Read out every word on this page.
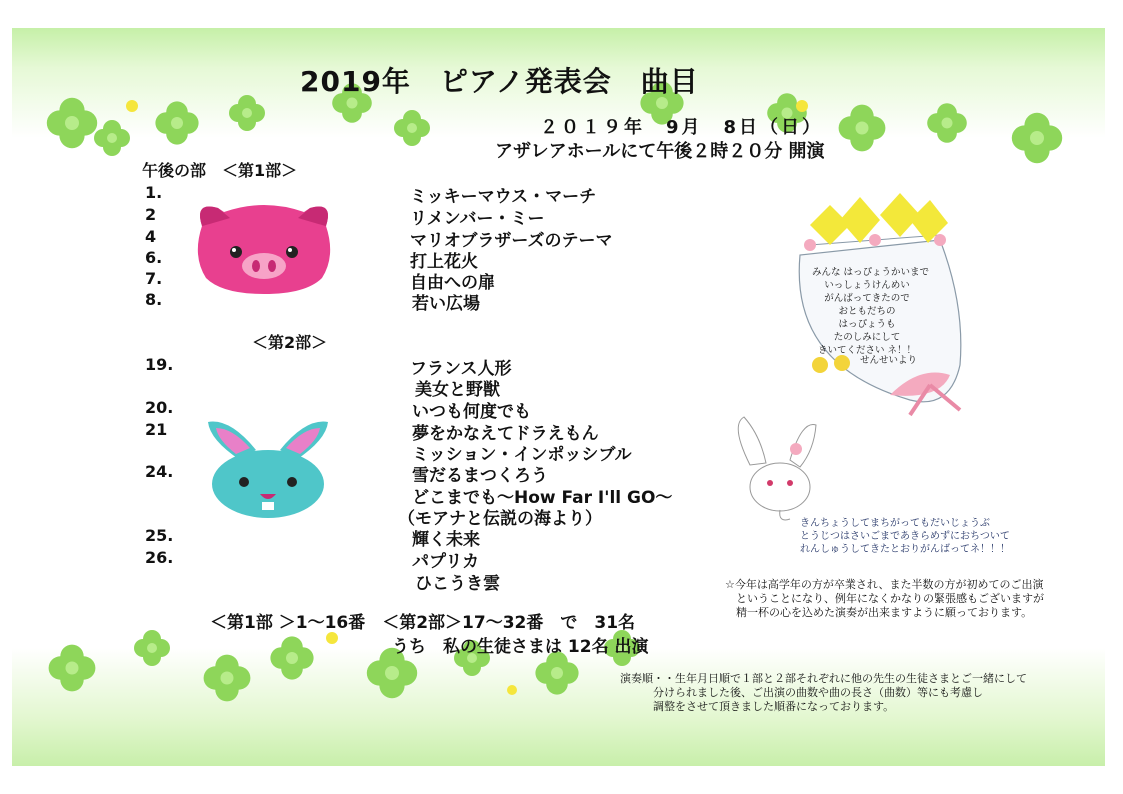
2019年　ピアノ発表会　曲目
２０１９年　9月　8日（日）
アザレアホールにて午後２時２０分 開演
午後の部　＜第1部＞
1.	ミッキーマウス・マーチ
2	リメンバー・ミー
4	マリオブラザーズのテーマ
6.	打上花火
7.	自由への扉
8.	若い広場
＜第2部＞
19.	フランス人形
美女と野獣
20.	いつも何度でも
21	夢をかなえてドラえもん
ミッション・インポッシブル
24.	雪だるまつくろう
どこまでも～How Far I'll GO～
（モアナと伝説の海より）
25.	輝く未来
26.	パプリカ
ひこうき雲
みんな はっぴょうかいまで
いっしょうけんめい
がんばってきたので
おともだちの
はっぴょうも
たのしみにして
きいてください ネ！！
せんせいより
きんちょうしてまちがってもだいじょうぶ
とうじつはさいごまであきらめずにおちついて
れんしゅうしてきたとおりがんばってネ！！！
＜第1部 ＞1～16番　＜第2部＞17～32番　で　31名
うち　私の生徒さまは 12名 出演
☆今年は高学年の方が卒業され、また半数の方が初めてのご出演
　ということになり、例年になくかなりの緊張感もございますが
　精一杯の心を込めた演奏が出来ますように願っております。
演奏順・・生年月日順で１部と２部それぞれに他の先生の生徒さまとご一緒にして
　　　分けられました後、ご出演の曲数や曲の長さ（曲数）等にも考慮し
　　　調整をさせて頂きました順番になっております。
